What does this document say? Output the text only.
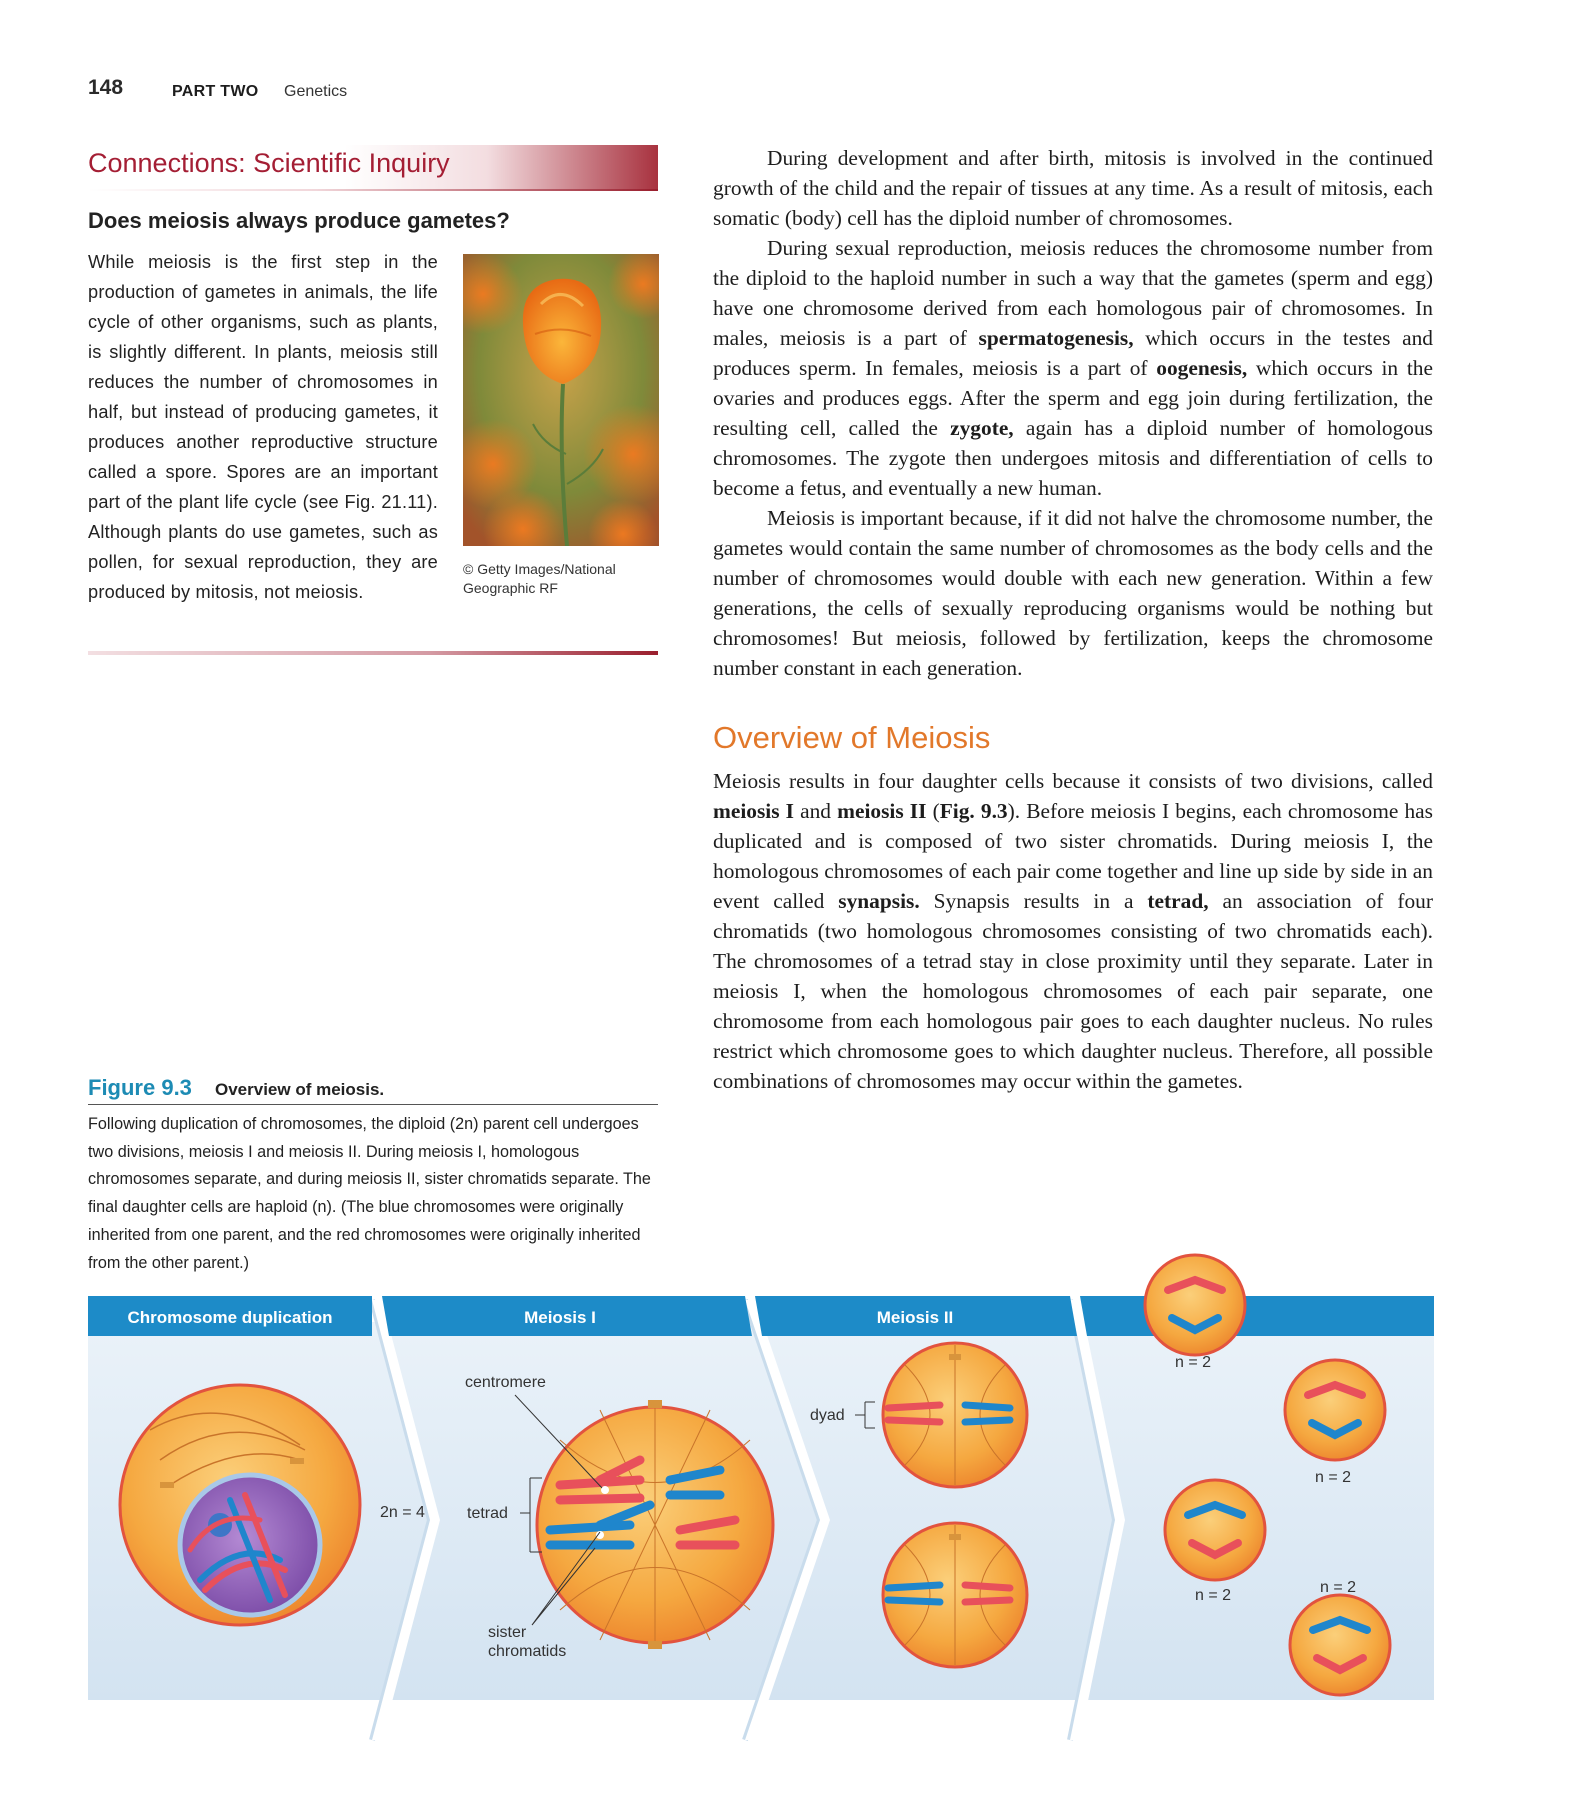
148	PART TWO Genetics
Connections: Scientific Inquiry
Does meiosis always produce gametes?
While meiosis is the first step in the production of gametes in animals, the life cycle of other organisms, such as plants, is slightly different. In plants, meiosis still reduces the number of chromosomes in half, but instead of producing gametes, it produces another reproductive structure called a spore. Spores are an important part of the plant life cycle (see Fig. 21.11). Although plants do use gametes, such as pollen, for sexual reproduction, they are produced by mitosis, not meiosis.
© Getty Images/National Geographic RF

During development and after birth, mitosis is involved in the continued growth of the child and the repair of tissues at any time. As a result of mitosis, each somatic (body) cell has the diploid number of chromosomes.

During sexual reproduction, meiosis reduces the chromosome number from the diploid to the haploid number in such a way that the gametes (sperm and egg) have one chromosome derived from each homologous pair of chromosomes. In males, meiosis is a part of spermatogenesis, which occurs in the testes and produces sperm. In females, meiosis is a part of oogenesis, which occurs in the ovaries and produces eggs. After the sperm and egg join during fertilization, the resulting cell, called the zygote, again has a diploid number of homologous chromosomes. The zygote then undergoes mitosis and differentiation of cells to become a fetus, and eventually a new human.

Meiosis is important because, if it did not halve the chromosome number, the gametes would contain the same number of chromosomes as the body cells and the number of chromosomes would double with each new generation. Within a few generations, the cells of sexually reproducing organisms would be nothing but chromosomes! But meiosis, followed by fertilization, keeps the chromosome number constant in each generation.

Overview of Meiosis
Meiosis results in four daughter cells because it consists of two divisions, called meiosis I and meiosis II (Fig. 9.3). Before meiosis I begins, each chromosome has duplicated and is composed of two sister chromatids. During meiosis I, the homologous chromosomes of each pair come together and line up side by side in an event called synapsis. Synapsis results in a tetrad, an association of four chromatids (two homologous chromosomes consisting of two chromatids each). The chromosomes of a tetrad stay in close proximity until they separate. Later in meiosis I, when the homologous chromosomes of each pair separate, one chromosome from each homologous pair goes to each daughter nucleus. No rules restrict which chromosome goes to which daughter nucleus. Therefore, all possible combinations of chromosomes may occur within the gametes.
Figure 9.3 Overview of meiosis.
Following duplication of chromosomes, the diploid (2n) parent cell undergoes two divisions, meiosis I and meiosis II. During meiosis I, homologous chromosomes separate, and during meiosis II, sister chromatids separate. The final daughter cells are haploid (n). (The blue chromosomes were originally inherited from one parent, and the red chromosomes were originally inherited from the other parent.)
Chromosome duplication	Meiosis I	Meiosis II
2n = 4
centromere
tetrad
sister
chromatids
dyad
n = 2
n = 2
n = 2	n = 2
